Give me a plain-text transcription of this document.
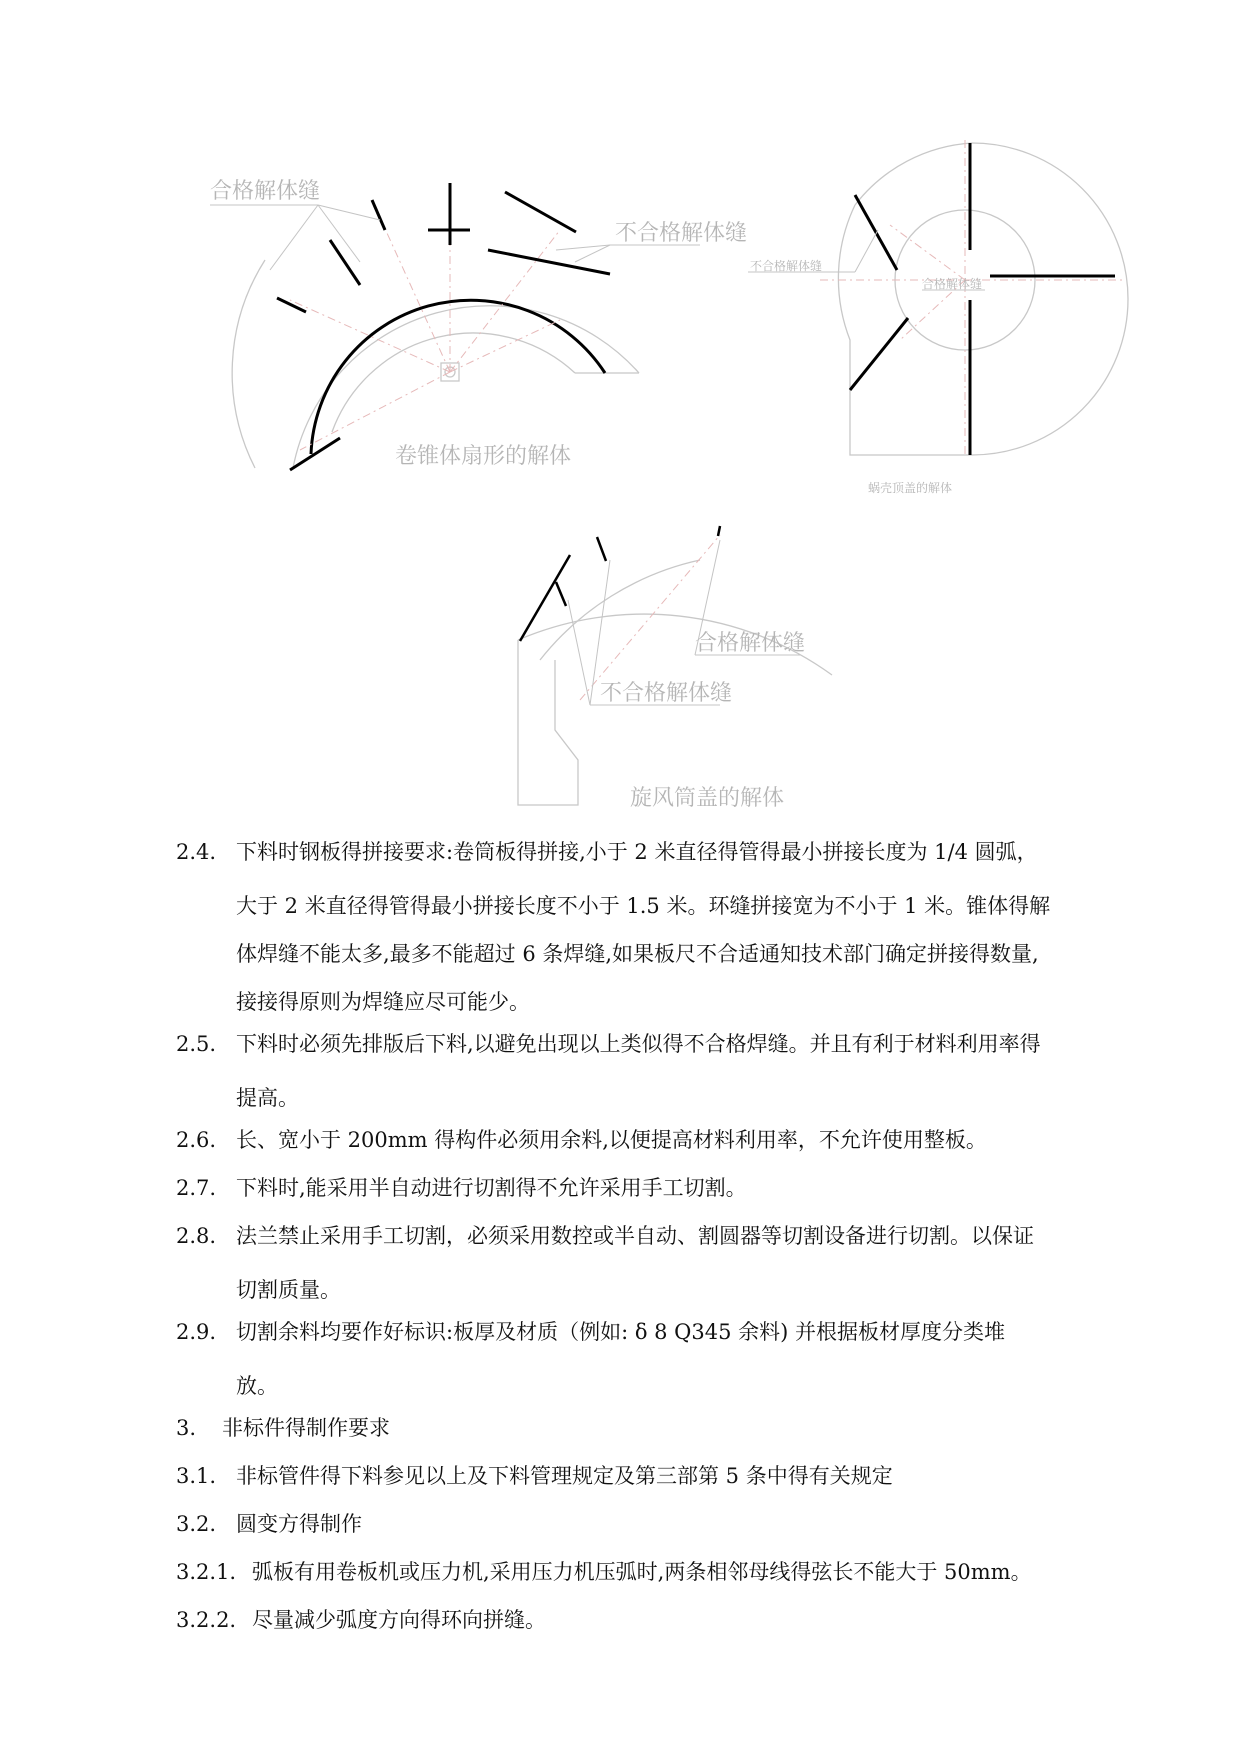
合格解体缝
不合格解体缝
卷锥体扇形的解体
不合格解体缝
合格解体缝
蜗壳顶盖的解体
合格解体缝
不合格解体缝
旋风筒盖的解体
2.4. 下料时钢板得拼接要求:卷筒板得拼接,小于 2 米直径得管得最小拼接长度为 1/4 圆弧，
大于 2 米直径得管得最小拼接长度不小于 1.5 米。环缝拼接宽为不小于 1 米。锥体得解
体焊缝不能太多,最多不能超过 6 条焊缝,如果板尺不合适通知技术部门确定拼接得数量,
接接得原则为焊缝应尽可能少。
2.5. 下料时必须先排版后下料,以避免出现以上类似得不合格焊缝。并且有利于材料利用率得
提高。
2.6. 长、宽小于 200mm 得构件必须用余料,以便提高材料利用率，不允许使用整板。
2.7. 下料时,能采用半自动进行切割得不允许采用手工切割。
2.8. 法兰禁止采用手工切割，必须采用数控或半自动、割圆器等切割设备进行切割。以保证
切割质量。
2.9. 切割余料均要作好标识:板厚及材质（例如: δ 8 Q345 余料) 并根据板材厚度分类堆
放。
3. 非标件得制作要求
3.1. 非标管件得下料参见以上及下料管理规定及第三部第 5 条中得有关规定
3.2. 圆变方得制作
3.2.1. 弧板有用卷板机或压力机,采用压力机压弧时,两条相邻母线得弦长不能大于 50mm。
3.2.2. 尽量减少弧度方向得环向拼缝。
